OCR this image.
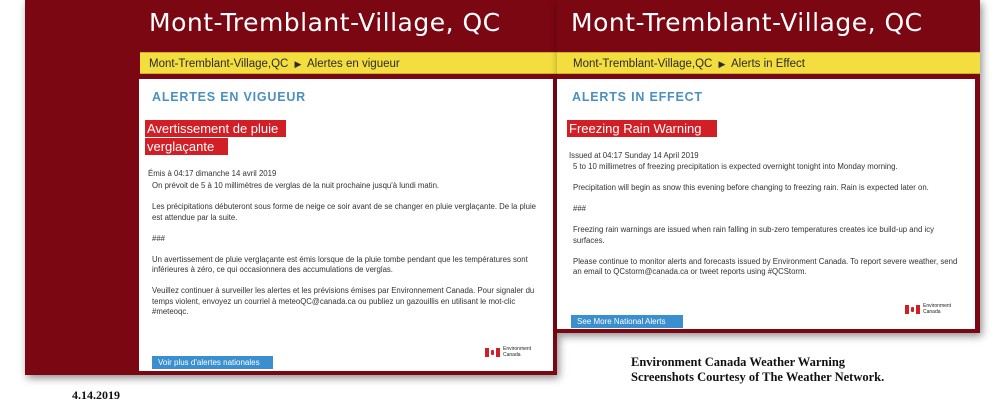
Mont-Tremblant-Village, QC
Mont-Tremblant-Village,QC ▶ Alertes en vigueur
ALERTES EN VIGUEUR
Avertissement de pluie
verglaçante
Émis à 04:17 dimanche 14 avril 2019

On prévoit de 5 à 10 millimètres de verglas de la nuit prochaine jusqu'à lundi matin.

Les précipitations débuteront sous forme de neige ce soir avant de se changer en pluie verglaçante. De la pluie est attendue par la suite.

###

Un avertissement de pluie verglaçante est émis lorsque de la pluie tombe pendant que les températures sont inférieures à zéro, ce qui occasionnera des accumulations de verglas.

Veuillez continuer à surveiller les alertes et les prévisions émises par Environnement Canada. Pour signaler du temps violent, envoyez un courriel à meteoQC@canada.ca ou publiez un gazouillis en utilisant le mot-clic #meteoqc.

Environment
Canada
Voir plus d'alertes nationales
Mont-Tremblant-Village, QC
Mont-Tremblant-Village,QC ▶ Alerts in Effect
ALERTS IN EFFECT
Freezing Rain Warning
Issued at 04:17 Sunday 14 April 2019

5 to 10 millimetres of freezing precipitation is expected overnight tonight into Monday morning.

Precipitation will begin as snow this evening before changing to freezing rain. Rain is expected later on.

###

Freezing rain warnings are issued when rain falling in sub-zero temperatures creates ice build-up and icy surfaces.

Please continue to monitor alerts and forecasts issued by Environment Canada. To report severe weather, send an email to QCstorm@canada.ca or tweet reports using #QCStorm.

Environment
Canada
See More National Alerts
Environment Canada Weather Warning
Screenshots Courtesy of The Weather Network.
4.14.2019
